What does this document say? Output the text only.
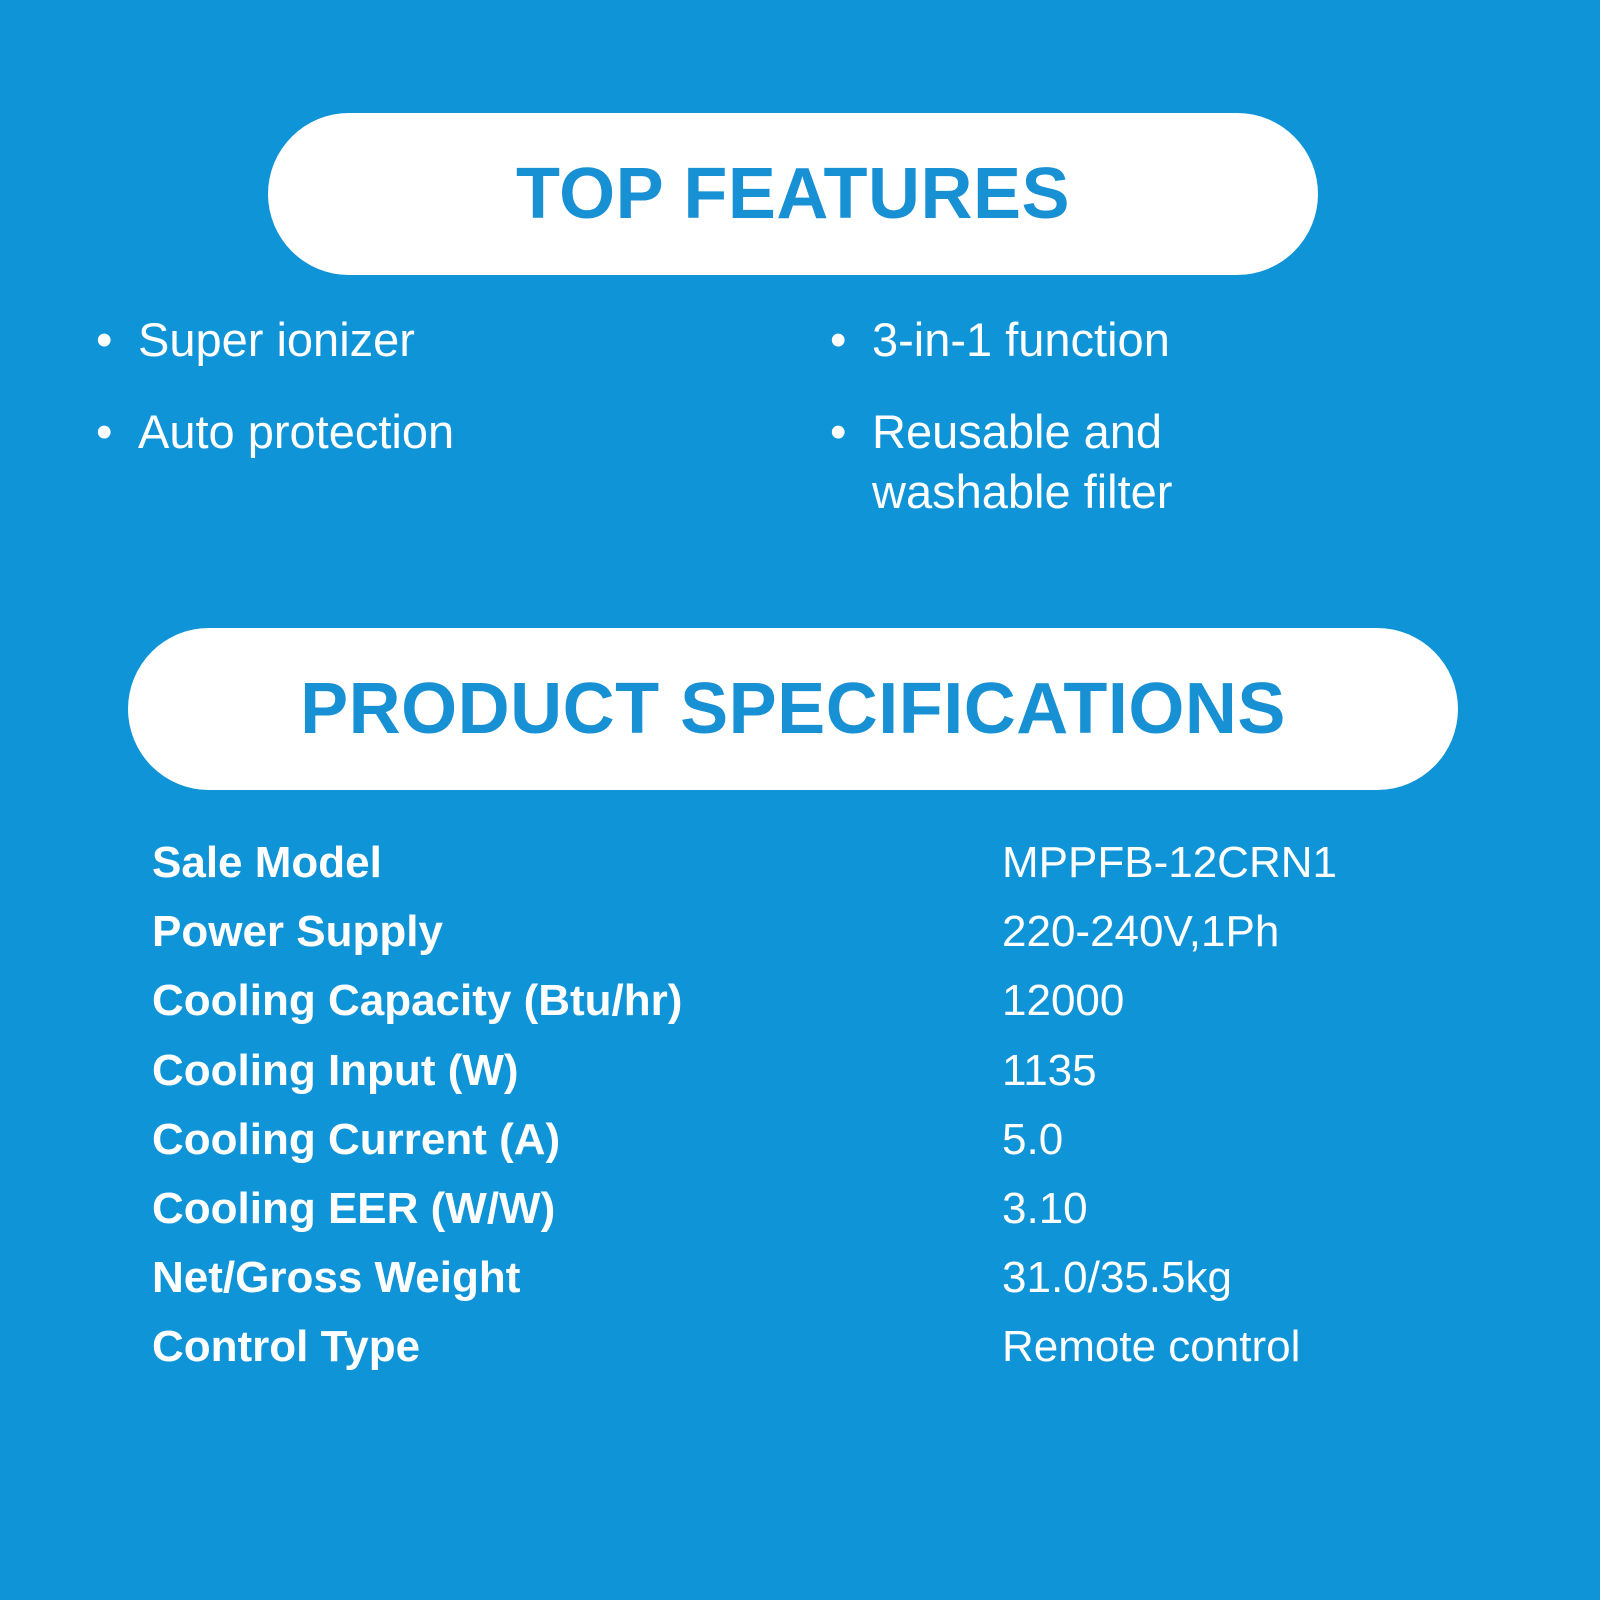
TOP FEATURES
• Super ionizer
• Auto protection
• 3-in-1 function
• Reusable and washable filter
PRODUCT SPECIFICATIONS
Sale Model	MPPFB-12CRN1
Power Supply	220-240V,1Ph
Cooling Capacity (Btu/hr)	12000
Cooling Input (W)	1135
Cooling Current (A)	5.0
Cooling EER (W/W)	3.10
Net/Gross Weight	31.0/35.5kg
Control Type	Remote control
